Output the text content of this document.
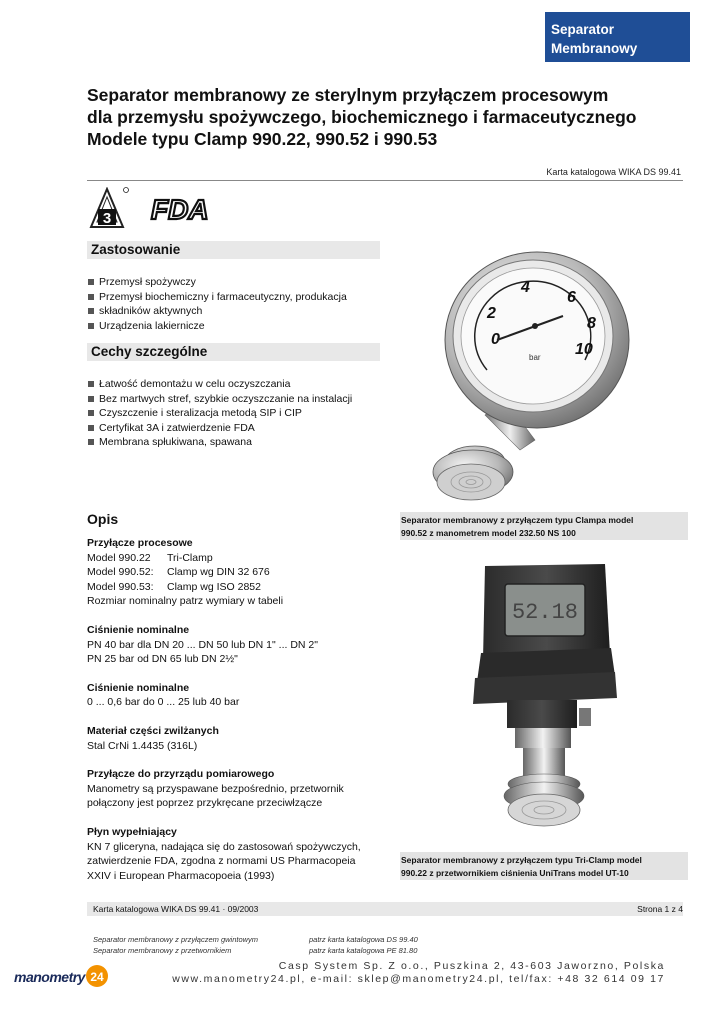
Separator
Membranowy
Separator membranowy ze sterylnym przyłączem procesowym
dla przemysłu spożywczego, biochemicznego i farmaceutycznego
Modele typu Clamp 990.22, 990.52 i 990.53
Karta katalogowa WIKA DS 99.41
3 FDA
Zastosowanie
Przemysł spożywczy
Przemysł biochemiczny i farmaceutyczny, produkacja
składników aktywnych
Urządzenia lakiernicze
Cechy szczególne
Łatwość demontażu w celu oczyszczania
Bez martwych stref, szybkie oczyszczanie na instalacji
Czyszczenie i steralizacja metodą SIP i CIP
Certyfikat 3A i zatwierdzenie FDA
Membrana spłukiwana, spawana
Opis
Przyłącze procesowe
Model 990.22 Tri-Clamp
Model 990.52: Clamp wg DIN 32 676
Model 990.53: Clamp wg ISO 2852
Rozmiar nominalny patrz wymiary w tabeli
Ciśnienie nominalne
PN 40 bar dla DN 20 ... DN 50 lub DN 1" ... DN 2"
PN 25 bar od DN 65 lub DN 2½"
Ciśnienie nominalne
0 ... 0,6 bar do 0 ... 25 lub 40 bar
Materiał części zwilżanych
Stal CrNi 1.4435 (316L)
Przyłącze do przyrządu pomiarowego
Manometry są przyspawane bezpośrednio, przetwornik
połączony jest poprzez przykręcane przeciwłzącze
Płyn wypełniający
KN 7 gliceryna, nadająca się do zastosowań spożywczych,
zatwierdzenie FDA, zgodna z normami US Pharmacopeia
XXIV i European Pharmacopoeia (1993)
0
2
4
6
8
10
bar
Separator membranowy z przyłączem typu Clampa model
990.52 z manometrem model 232.50 NS 100
52.18
Separator membranowy z przyłączem typu Tri-Clamp model
990.22 z przetwornikiem ciśnienia UniTrans model UT-10
Karta katalogowa WIKA DS 99.41 · 09/2003	Strona 1 z 4
Separator membranowy z przyłączem gwintowym	patrz karta katalogowa DS 99.40
Separator membranowy z przetwornikiem	patrz karta katalogowa PE 81.80
manometry 24
Casp System Sp. Z o.o., Puszkina 2, 43-603 Jaworzno, Polska
www.manometry24.pl, e-mail: sklep@manometry24.pl, tel/fax: +48 32 614 09 17
